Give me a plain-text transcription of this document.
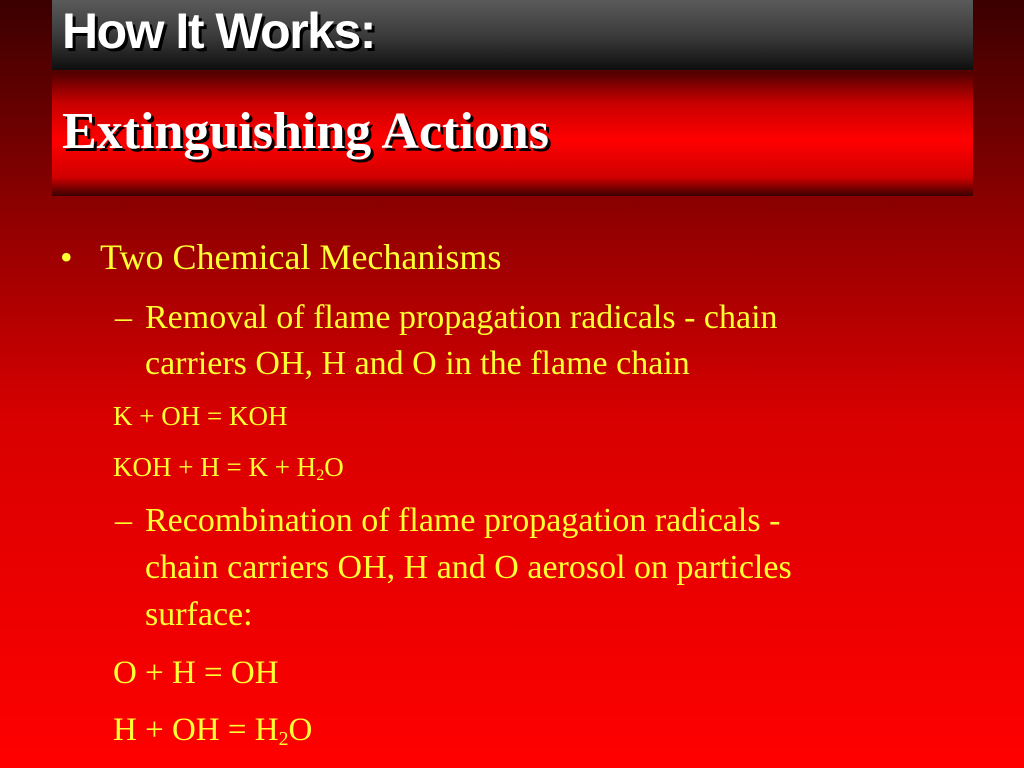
How It Works:
Extinguishing Actions
• Two Chemical Mechanisms

– Removal of flame propagation radicals - chain

carriers OH, H and O in the flame chain

K + OH = KOH

KOH + $H = K + H_2O$

– Recombination of flame propagation radicals -

chain carriers OH, H and O aerosol on particles

surface:

O + H = OH

H + OH = $H_2O$
